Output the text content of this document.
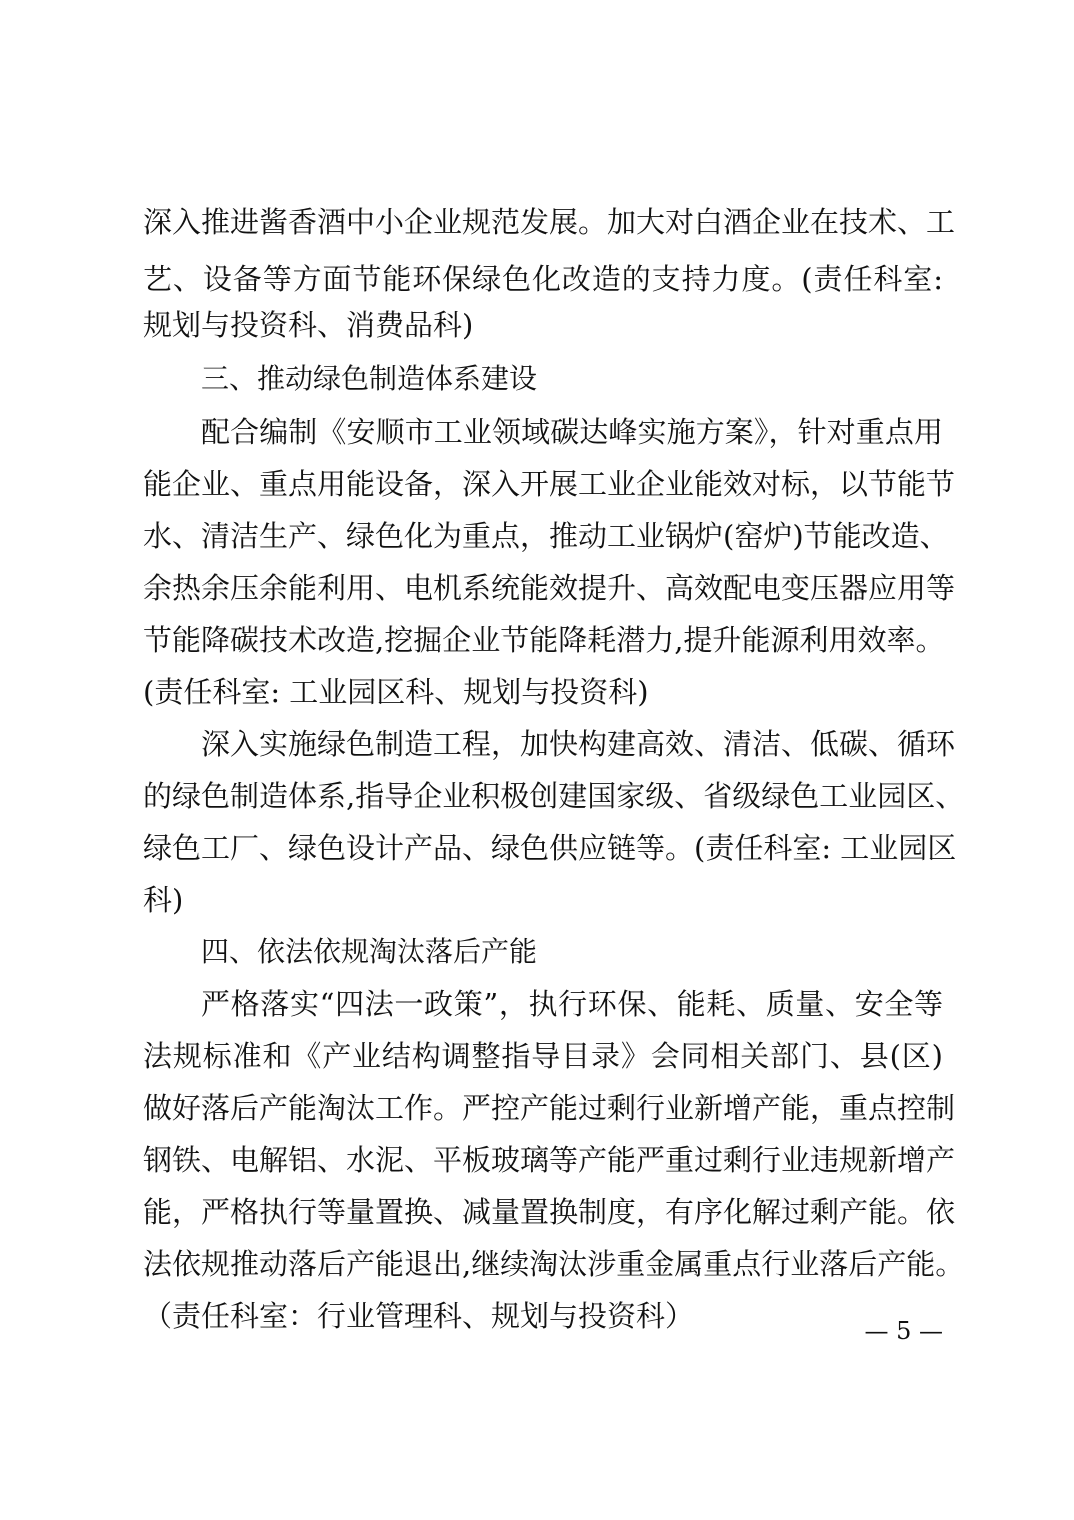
深入推进酱香酒中小企业规范发展。加大对白酒企业在技术、工
艺、设备等方面节能环保绿色化改造的支持力度。(责任科室:
规划与投资科、消费品科)
三、推动绿色制造体系建设
配合编制《安顺市工业领域碳达峰实施方案》，针对重点用
能企业、重点用能设备，深入开展工业企业能效对标，以节能节
水、清洁生产、绿色化为重点，推动工业锅炉(窑炉)节能改造、
余热余压余能利用、电机系统能效提升、高效配电变压器应用等
节能降碳技术改造,挖掘企业节能降耗潜力,提升能源利用效率。
(责任科室: 工业园区科、规划与投资科)
深入实施绿色制造工程，加快构建高效、清洁、低碳、循环
的绿色制造体系,指导企业积极创建国家级、省级绿色工业园区、
绿色工厂、绿色设计产品、绿色供应链等。(责任科室: 工业园区
科)
四、依法依规淘汰落后产能
严格落实“四法一政策”，执行环保、能耗、质量、安全等
法规标准和《产业结构调整指导目录》会同相关部门、县(区)
做好落后产能淘汰工作。严控产能过剩行业新增产能，重点控制
钢铁、电解铝、水泥、平板玻璃等产能严重过剩行业违规新增产
能，严格执行等量置换、减量置换制度，有序化解过剩产能。依
法依规推动落后产能退出,继续淘汰涉重金属重点行业落后产能。
（责任科室：行业管理科、规划与投资科）	— 5 —
